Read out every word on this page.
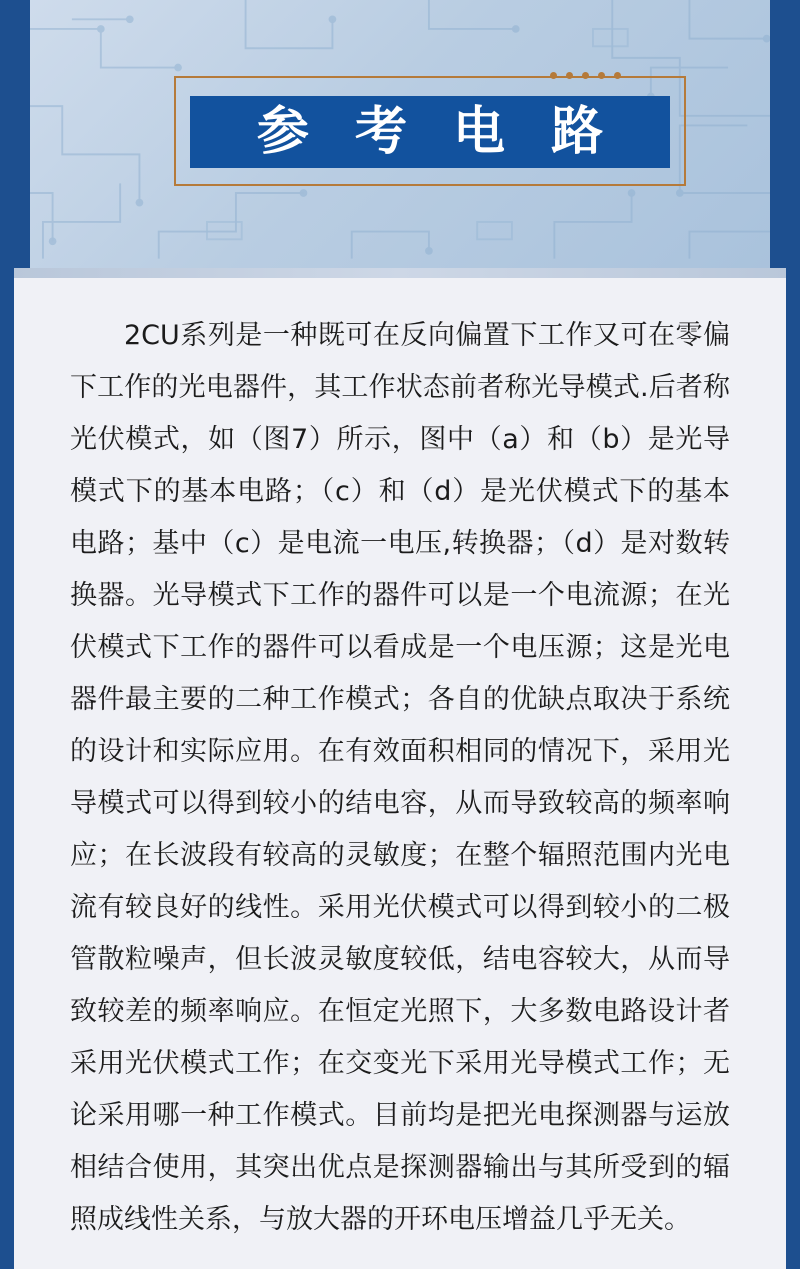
参 考 电 路

2CU系列是一种既可在反向偏置下工作又可在零偏下工作的光电器件，其工作状态前者称光导模式.后者称光伏模式，如（图7）所示，图中（a）和（b）是光导模式下的基本电路；（c）和（d）是光伏模式下的基本电路；基中（c）是电流一电压,转换器；（d）是对数转换器。光导模式下工作的器件可以是一个电流源；在光伏模式下工作的器件可以看成是一个电压源；这是光电器件最主要的二种工作模式；各自的优缺点取决于系统的设计和实际应用。在有效面积相同的情况下，采用光导模式可以得到较小的结电容，从而导致较高的频率响应；在长波段有较高的灵敏度；在整个辐照范围内光电流有较良好的线性。采用光伏模式可以得到较小的二极管散粒噪声，但长波灵敏度较低，结电容较大，从而导致较差的频率响应。在恒定光照下，大多数电路设计者采用光伏模式工作；在交变光下采用光导模式工作；无论采用哪一种工作模式。目前均是把光电探测器与运放相结合使用，其突出优点是探测器输出与其所受到的辐照成线性关系，与放大器的开环电压增益几乎无关。
